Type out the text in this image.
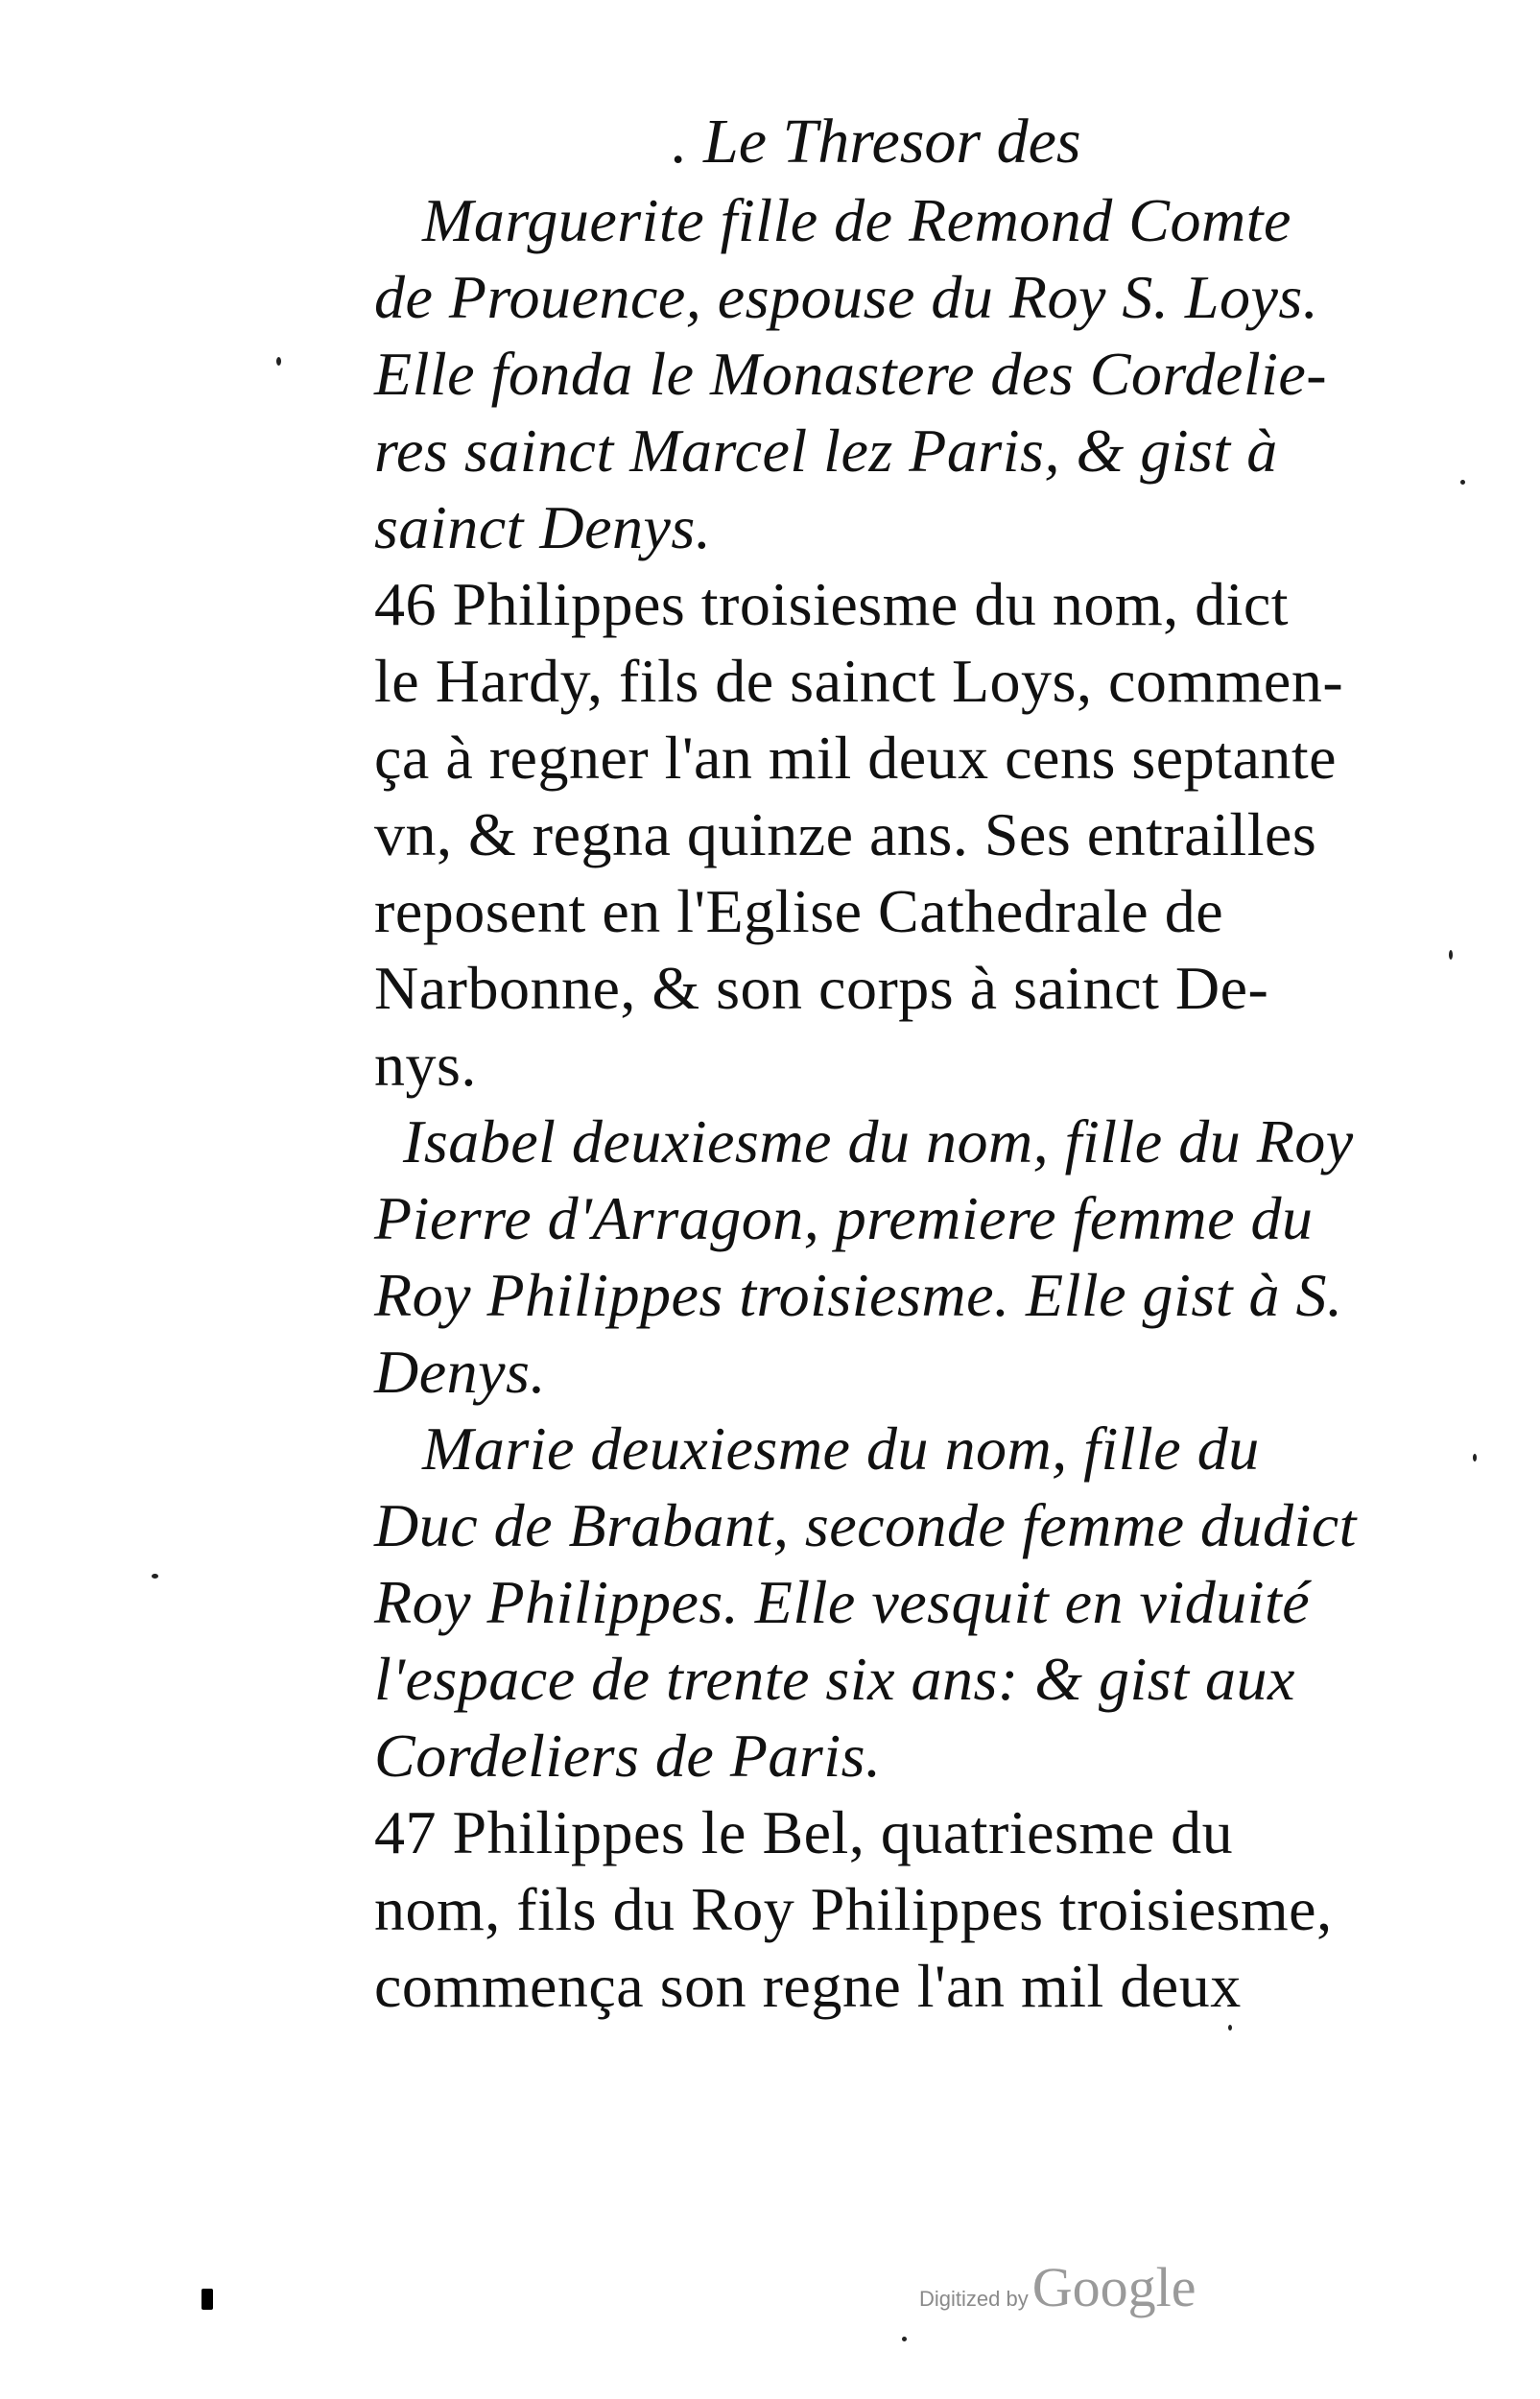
. Le Thresor des
Marguerite fille de Remond Comte
de Prouence, espouse du Roy S. Loys.
Elle fonda le Monastere des Cordelie-
res sainct Marcel lez Paris, & gist à
sainct Denys.
46 Philippes troisiesme du nom, dict
le Hardy, fils de sainct Loys, commen-
ça à regner l'an mil deux cens septante
vn, & regna quinze ans. Ses entrailles
reposent en l'Eglise Cathedrale de
Narbonne, & son corps à sainct De-
nys.
Isabel deuxiesme du nom, fille du Roy
Pierre d'Arragon, premiere femme du
Roy Philippes troisiesme. Elle gist à S.
Denys.
Marie deuxiesme du nom, fille du
Duc de Brabant, seconde femme dudict
Roy Philippes. Elle vesquit en viduité
l'espace de trente six ans: & gist aux
Cordeliers de Paris.
47 Philippes le Bel, quatriesme du
nom, fils du Roy Philippes troisiesme,
commença son regne l'an mil deux
Digitized byGoogle
